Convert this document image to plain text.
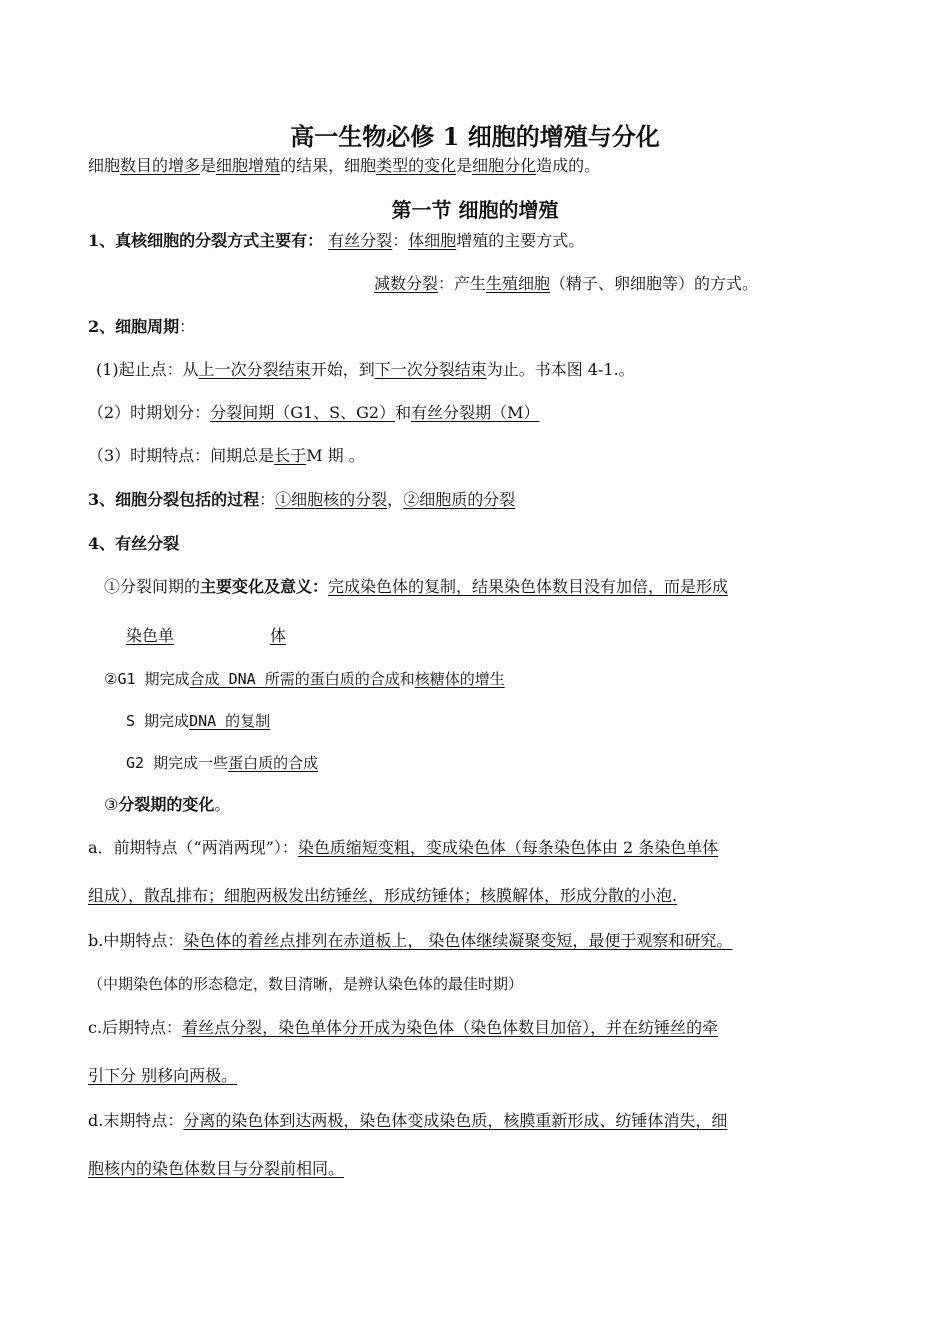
高一生物必修 1 细胞的增殖与分化
细胞数目的增多是细胞增殖的结果，细胞类型的变化是细胞分化造成的。
第一节 细胞的增殖
1、真核细胞的分裂方式主要有： 有丝分裂：体细胞增殖的主要方式。
减数分裂：产生生殖细胞（精子、卵细胞等）的方式。
2、细胞周期：
(1)起止点：从上一次分裂结束开始，到下一次分裂结束为止。书本图 4-1.。
（2）时期划分：分裂间期（G1、S、G2）和有丝分裂期（M）
（3）时期特点：间期总是长于M 期 。
3、细胞分裂包括的过程：①细胞核的分裂，②细胞质的分裂
4、有丝分裂
①分裂间期的主要变化及意义：完成染色体的复制，结果染色体数目没有加倍，而是形成
染色单	体
②G1 期完成合成 DNA 所需的蛋白质的合成和核糖体的增生
S 期完成DNA 的复制
G2 期完成一些蛋白质的合成
③分裂期的变化。
a．前期特点（“两消两现”）：染色质缩短变粗，变成染色体（每条染色体由 2 条染色单体
组成），散乱排布；细胞两极发出纺锤丝，形成纺锤体；核膜解体，形成分散的小泡.
b.中期特点：染色体的着丝点排列在赤道板上， 染色体继续凝聚变短，最便于观察和研究。
（中期染色体的形态稳定，数目清晰，是辨认染色体的最佳时期）
c.后期特点：着丝点分裂，染色单体分开成为染色体（染色体数目加倍），并在纺锤丝的牵
引下分 别移向两极。
d.末期特点：分离的染色体到达两极，染色体变成染色质，核膜重新形成、纺锤体消失，细
胞核内的染色体数目与分裂前相同。
